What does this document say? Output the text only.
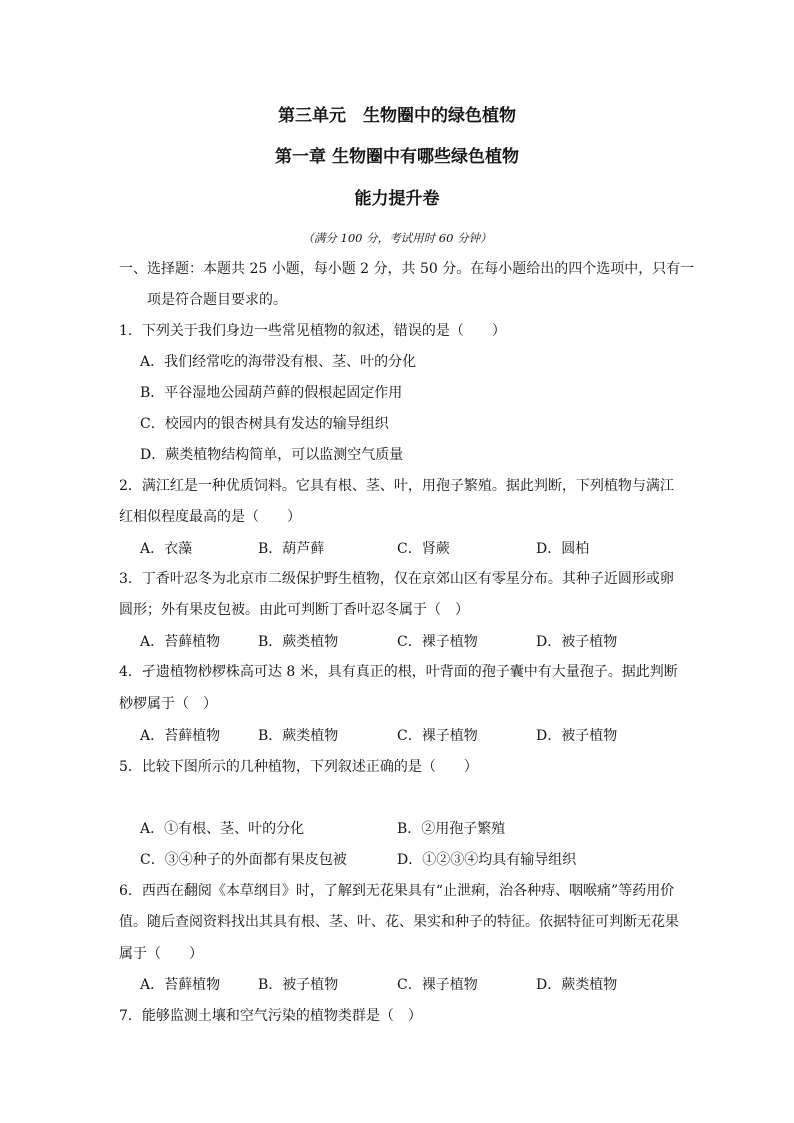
第三单元　生物圈中的绿色植物
第一章 生物圈中有哪些绿色植物
能力提升卷
（满分 100 分，考试用时 60 分钟）
一、选择题：本题共 25 小题，每小题 2 分，共 50 分。在每小题给出的四个选项中，只有一
项是符合题目要求的。
1．下列关于我们身边一些常见植物的叙述，错误的是（　　）
A．我们经常吃的海带没有根、茎、叶的分化
B．平谷湿地公园葫芦藓的假根起固定作用
C．校园内的银杏树具有发达的输导组织
D．蕨类植物结构简单，可以监测空气质量
2．满江红是一种优质饲料。它具有根、茎、叶，用孢子繁殖。据此判断，下列植物与满江
红相似程度最高的是（　　）
A．衣藻	B．葫芦藓	C．肾蕨	D．圆柏
3．丁香叶忍冬为北京市二级保护野生植物，仅在京郊山区有零星分布。其种子近圆形或卵
圆形；外有果皮包被。由此可判断丁香叶忍冬属于（　）
A．苔藓植物	B．蕨类植物	C．裸子植物	D．被子植物
4．孑遗植物桫椤株高可达 8 米，具有真正的根，叶背面的孢子囊中有大量孢子。据此判断
桫椤属于（　）
A．苔藓植物	B．蕨类植物	C．裸子植物	D．被子植物
5．比较下图所示的几种植物，下列叙述正确的是（　　）
A．①有根、茎、叶的分化	B．②用孢子繁殖
C．③④种子的外面都有果皮包被	D．①②③④均具有输导组织
6．西西在翻阅《本草纲目》时，了解到无花果具有“止泄痢，治各种痔、咽喉痛”等药用价
值。随后查阅资料找出其具有根、茎、叶、花、果实和种子的特征。依据特征可判断无花果
属于（　　）
A．苔藓植物	B．被子植物	C．裸子植物	D．蕨类植物
7．能够监测土壤和空气污染的植物类群是（　）
